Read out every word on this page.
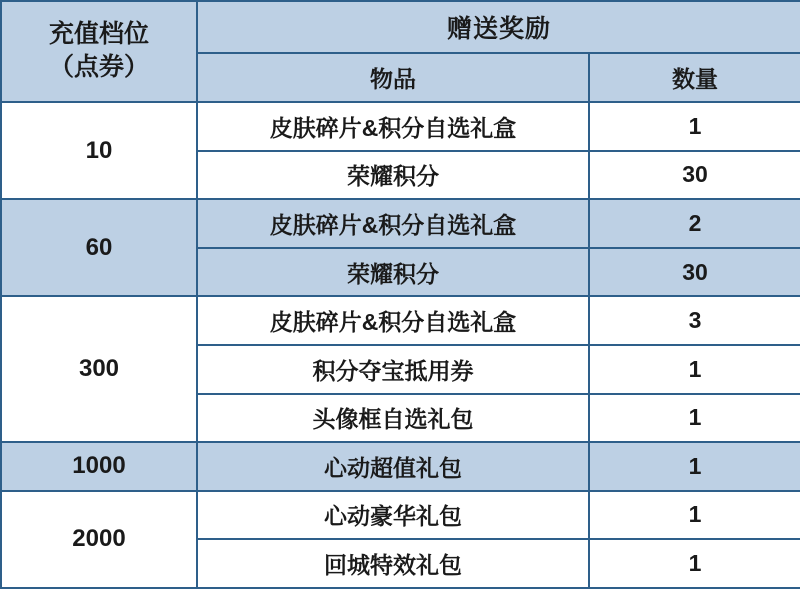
充值档位
（点券）	赠送奖励	
	物品	数量
10	皮肤碎片&积分自选礼盒	1
	荣耀积分	30
60	皮肤碎片&积分自选礼盒	2
	荣耀积分	30
300	皮肤碎片&积分自选礼盒	3
	积分夺宝抵用券	1
	头像框自选礼包	1
1000	心动超值礼包	1
2000	心动豪华礼包	1
	回城特效礼包	1
